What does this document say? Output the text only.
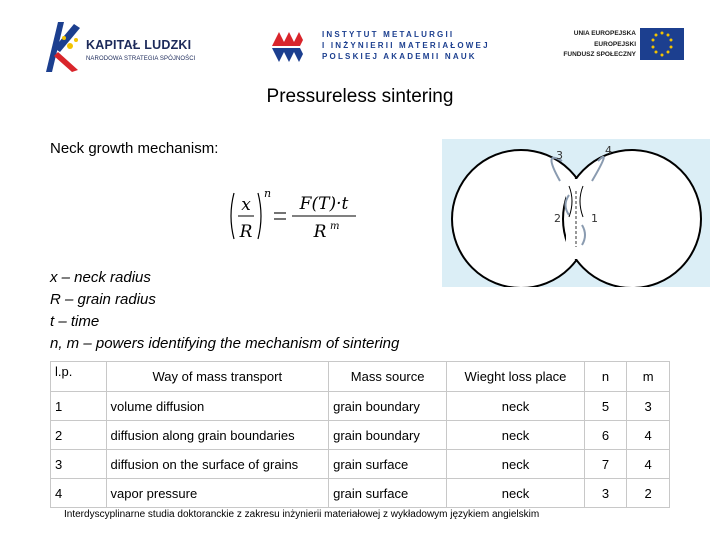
KAPITAŁ LUDZKI
NARODOWA STRATEGIA SPÓJNOŚCI
INSTYTUT METALURGII
I INŻYNIERII MATERIAŁOWEJ
POLSKIEJ AKADEMII NAUK
UNIA EUROPEJSKA
EUROPEJSKI
FUNDUSZ SPOŁECZNY
Pressureless sintering
Neck growth mechanism:
x
R
n
F(T)·t
R m
3	4
2	1
x – neck radius
R – grain radius
t – time
n, m – powers identifying the mechanism of sintering
l.p.	Way of mass transport	Mass source	Wieght loss place	n	m
1	volume diffusion	grain boundary	neck	5	3
2	diffusion along grain boundaries	grain boundary	neck	6	4
3	diffusion on the surface of grains	grain surface	neck	7	4
4	vapor pressure	grain surface	neck	3	2
Interdyscyplinarne studia doktoranckie z zakresu inżynierii materiałowej z wykładowym językiem angielskim
